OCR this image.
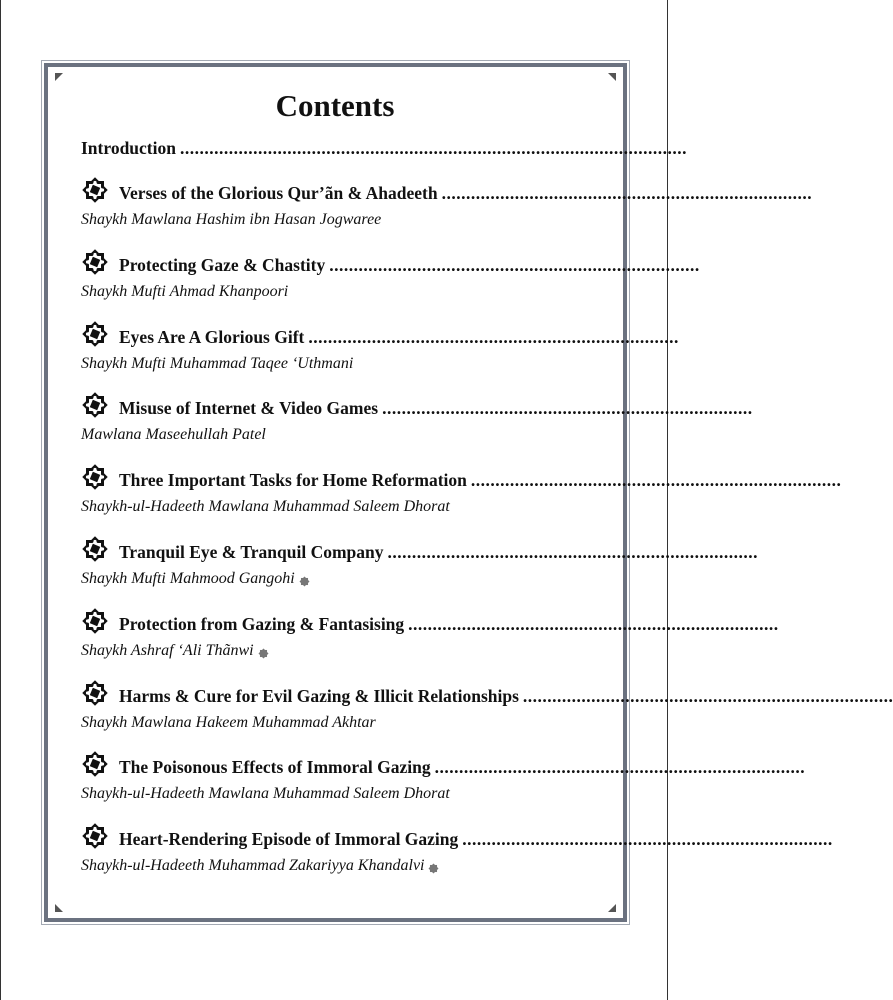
Contents
Introduction ........................................................................................................
Verses of the Glorious Qur’ãn & Ahadeeth ............................................................................
Shaykh Mawlana Hashim ibn Hasan Jogwaree
Protecting Gaze & Chastity ............................................................................
Shaykh Mufti Ahmad Khanpoori
Eyes Are A Glorious Gift ............................................................................
Shaykh Mufti Muhammad Taqee ‘Uthmani
Misuse of Internet & Video Games ............................................................................
Mawlana Maseehullah Patel
Three Important Tasks for Home Reformation ............................................................................
Shaykh-ul-Hadeeth Mawlana Muhammad Saleem Dhorat
Tranquil Eye & Tranquil Company ............................................................................
Shaykh Mufti Mahmood Gangohi
Protection from Gazing & Fantasising ............................................................................
Shaykh Ashraf ‘Ali Thãnwi
Harms & Cure for Evil Gazing & Illicit Relationships ............................................................................
Shaykh Mawlana Hakeem Muhammad Akhtar
The Poisonous Effects of Immoral Gazing ............................................................................
Shaykh-ul-Hadeeth Mawlana Muhammad Saleem Dhorat
Heart-Rendering Episode of Immoral Gazing ............................................................................
Shaykh-ul-Hadeeth Muhammad Zakariyya Khandalvi
